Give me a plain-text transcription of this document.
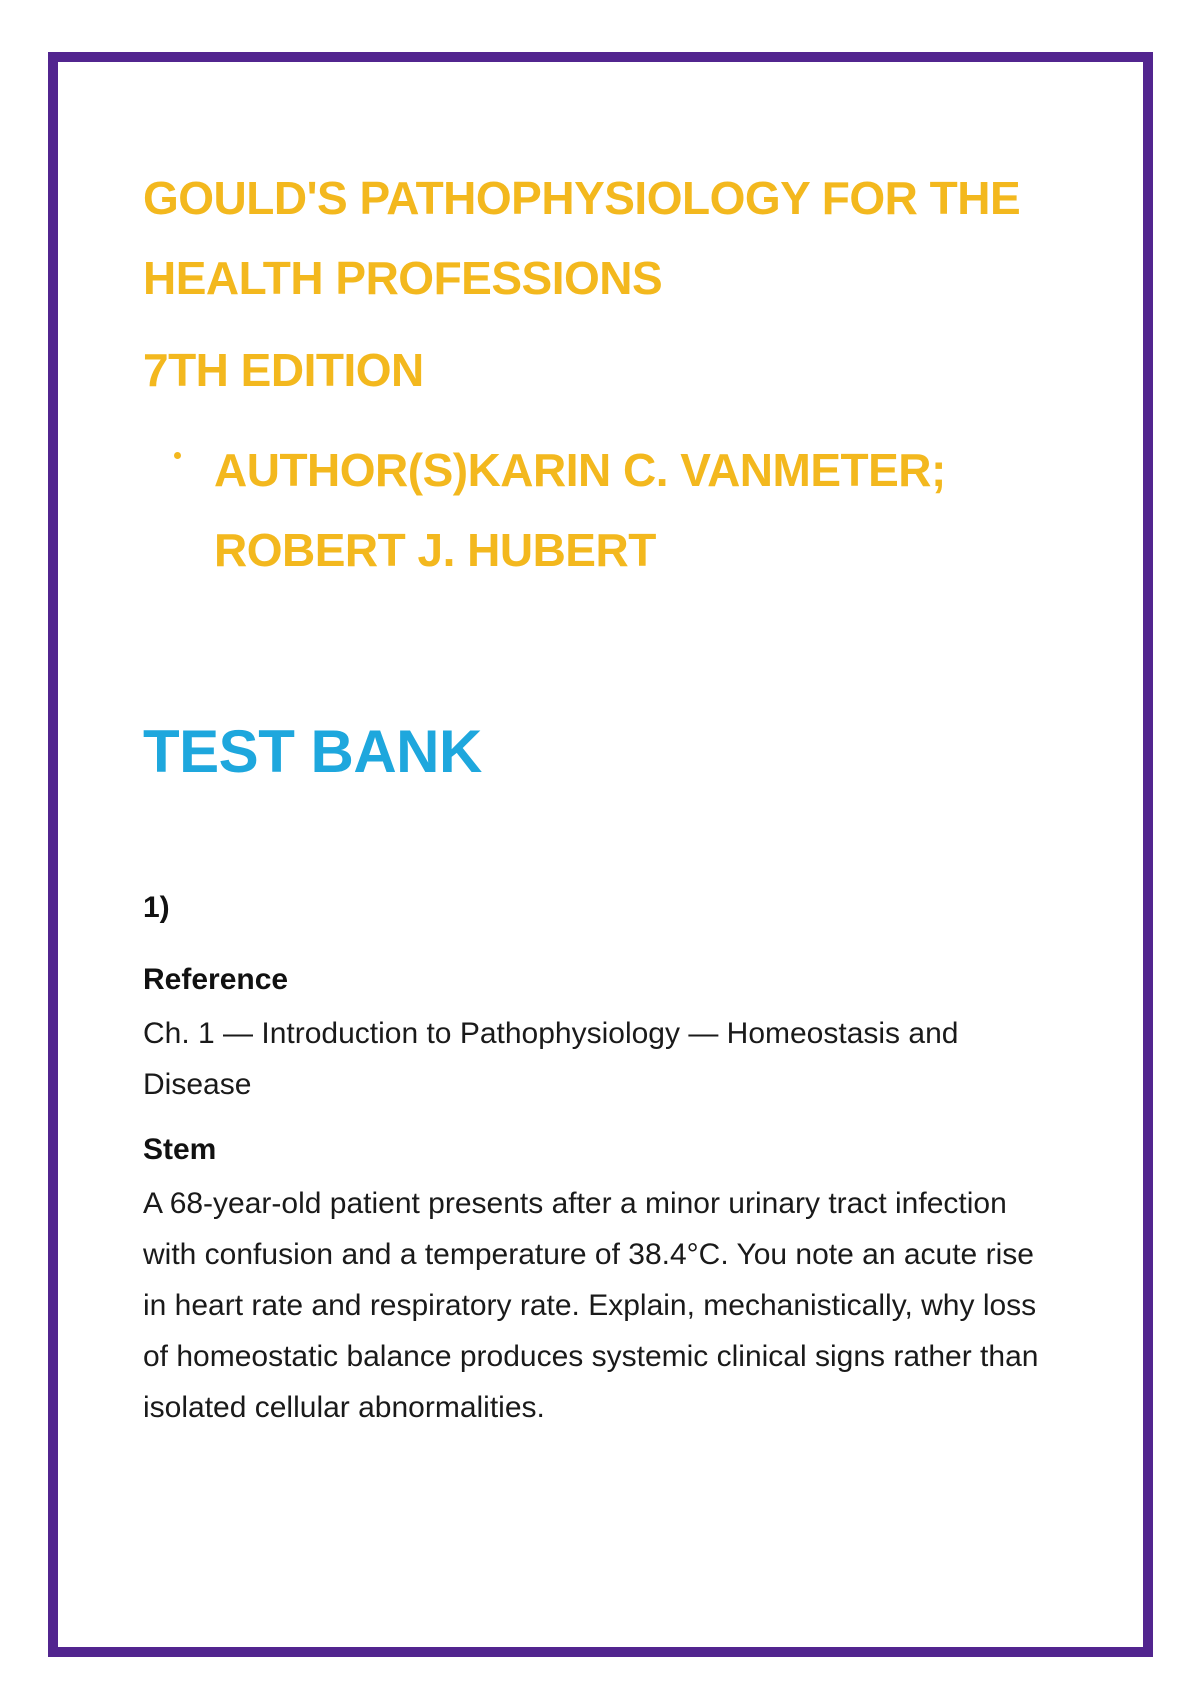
GOULD'S PATHOPHYSIOLOGY FOR THE HEALTH PROFESSIONS
7TH EDITION
AUTHOR(S)KARIN C. VANMETER; ROBERT J. HUBERT
TEST BANK
1)
Reference

Ch. 1 — Introduction to Pathophysiology — Homeostasis and Disease

Stem

A 68-year-old patient presents after a minor urinary tract infection with confusion and a temperature of 38.4°C. You note an acute rise in heart rate and respiratory rate. Explain, mechanistically, why loss of homeostatic balance produces systemic clinical signs rather than isolated cellular abnormalities.
